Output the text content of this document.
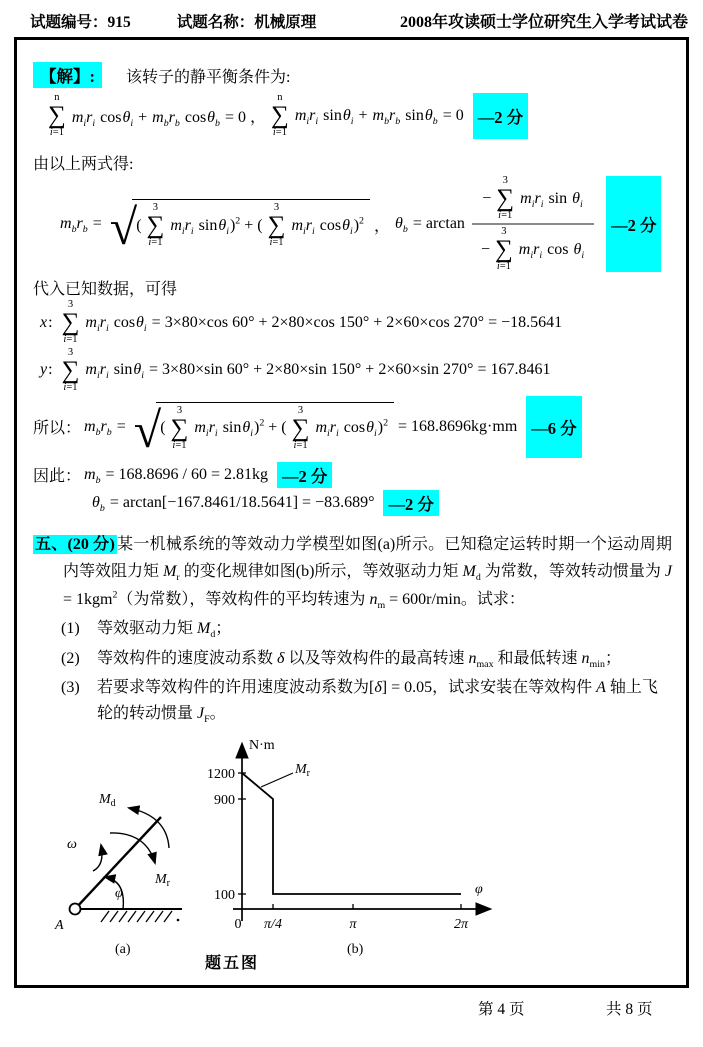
试题编号：915	试题名称：机械原理	2008年攻读硕士学位研究生入学考试试卷
【解】:	该转子的静平衡条件为:
n
∑
i=1
$m_ir_i$ $\cos\theta_i + m_br_b$ cosθ$_b$ = 0 ，
n
∑
i=1
$m_ir_i$ $\sin\theta_i + m_br_b$ sinθ$_b$ = 0 —2 分
由以上两式得:
$m_br_b$ = √ (
3
∑
i=1
$m_ir_i$ sinθ$_i$)$^2$ + (
3
∑
i=1
$m_ir_i$ cosθ$_i$)$^2$ ， $\theta_b = \arctan$
−
3
∑
i=1
$m_ir_i$ $\sin \theta_i$
−
3
∑
i=1
$m_ir_i$ $\cos \theta_i$
—2 分
代入已知数据，可得
x:
3
∑
i=1
$m_ir_i$ cosθ$_i$ = 3×80×cos 60° + 2×80×cos 150° + 2×60×cos 270° = −18.5641
y:
3
∑
i=1
$m_ir_i$ sinθ$_i$ = 3×80×sin 60° + 2×80×sin 150° + 2×60×sin 270° = 167.8461
所以： $m_br_b$ = √ (
3
∑
i=1
$m_ir_i$ sinθ$_i$)$^2$ + (
3
∑
i=1
$m_ir_i$ cosθ$_i$)$^2$ = 168.8696kg·mm —6 分
因此： $m_b = 168.8696 / 60 = 2.81kg$ —2 分
$\theta_b = \arctan[-167.8461/18.5641] = -83.689^\circ$ —2 分

五、(20 分) 某一机械系统的等效动力学模型如图(a)所示。已知稳定运转时期一个运动周期内等效阻力矩 $M_r$ 的变化规律如图(b)所示，等效驱动力矩 $M_d$ 为常数，等效转动惯量为 J = 1kgm$^2$（为常数），等效构件的平均转速为 $n_m = 600r/\min$。试求：

(1)	等效驱动力矩 $M_d$；
(2)	等效构件的速度波动系数 δ 以及等效构件的最高转速 $n_{max}$ 和最低转速 $n_{min}$；
(3)	若要求等效构件的许用速度波动系数为[δ] = 0.05，试求安装在等效构件 A 轴上飞轮的转动惯量 $J_F$。
$M_d$
ω
$M_r$
φ
A
(a)
$M_r$
N·m
φ
1200
900
100
0 π/4	π	2π
(b)
题五图
第 4 页	共 8 页
